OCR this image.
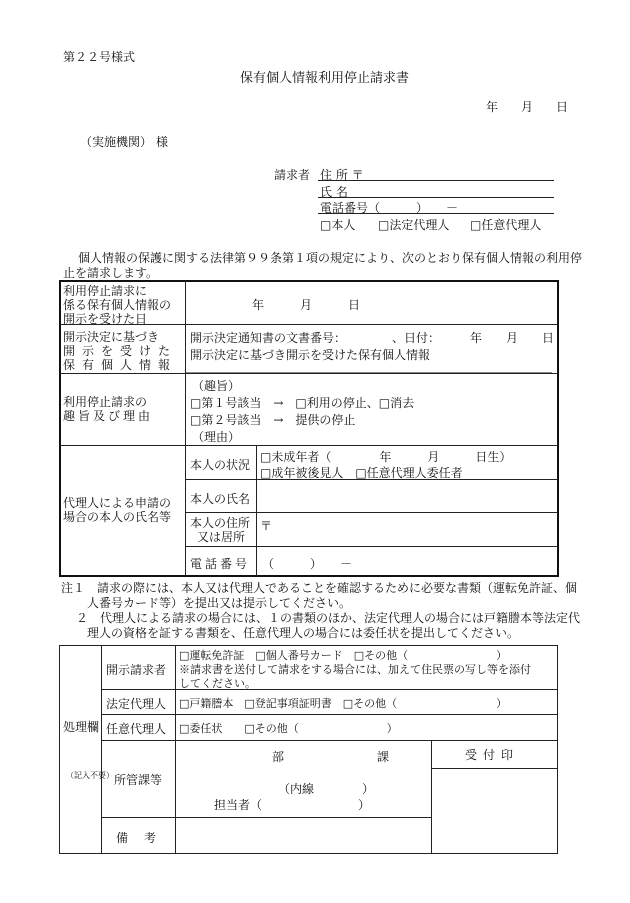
第２２号様式
保有個人情報利用停止請求書
年 月 日
（実施機関） 様
請求者 住 所 〒
氏 名
電話番号（　　　）　　－
□本人 □法定代理人 □任意代理人
個人情報の保護に関する法律第９９条第１項の規定により、次のとおり保有個人情報の利用停
止を請求します。
利用停止請求に
係る保有個人情報の
開示を受けた日
年　　　月　　　日
開示決定に基づき
開示を受けた
保有個人情報
開示決定通知書の文書番号：	、日付： 年　　月　　日
開示決定に基づき開示を受けた保有個人情報
利用停止請求の
趣旨及び理由
（趣旨）
□第１号該当　→　□利用の停止、□消去
□第２号該当　→　提供の停止
（理由）
代理人による申請の
場合の本人の氏名等
本人の状況
□未成年者（　　　　年　　　月　　　日生）
□成年被後見人　□任意代理人委任者
本人の氏名
本人の住所
又は居所
〒
電話番号 （　　　）　　－
注１　請求の際には、本人又は代理人であることを確認するために必要な書類（運転免許証、個
人番号カード等）を提出又は提示してください。
２　代理人による請求の場合には、１の書類のほか、法定代理人の場合には戸籍謄本等法定代
理人の資格を証する書類を、任意代理人の場合には委任状を提出してください。
処理欄
（記入不要）
開示請求者
□運転免許証　□個人番号カード　□その他（　　　　　　　　）
※請求書を送付して請求をする場合には、加えて住民票の写し等を添付
してください。
法定代理人 □戸籍謄本　□登記事項証明書　□その他（　　　　　　　　　）
任意代理人 □委任状　　□その他（　　　　　　　　）
所管課等
部	課
（内線　　　　）
担当者（　　　　　　　　）
受付印
備考
